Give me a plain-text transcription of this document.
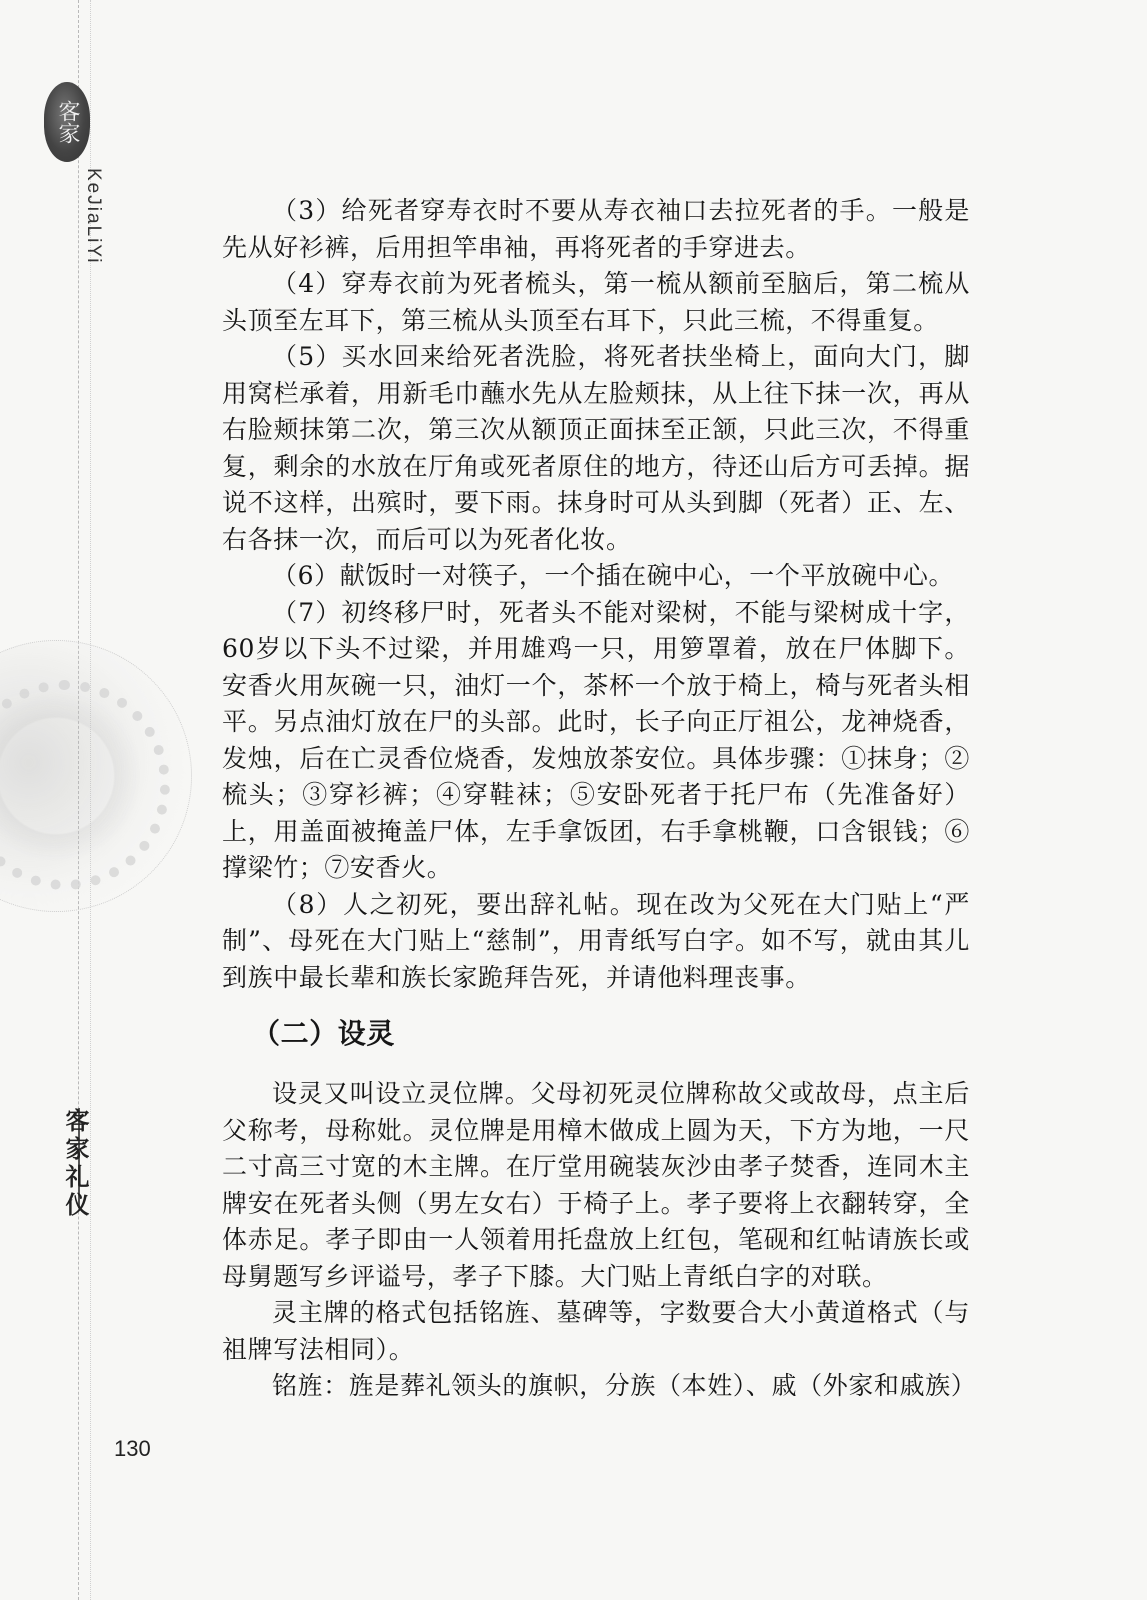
客家
KeJiaLiYi
客家礼仪
130

（3）给死者穿寿衣时不要从寿衣袖口去拉死者的手。一般是先从好衫裤，后用担竿串袖，再将死者的手穿进去。

（4）穿寿衣前为死者梳头，第一梳从额前至脑后，第二梳从头顶至左耳下，第三梳从头顶至右耳下，只此三梳，不得重复。

（5）买水回来给死者洗脸，将死者扶坐椅上，面向大门，脚用窝栏承着，用新毛巾蘸水先从左脸颊抹，从上往下抹一次，再从右脸颊抹第二次，第三次从额顶正面抹至正颔，只此三次，不得重复，剩余的水放在厅角或死者原住的地方，待还山后方可丢掉。据说不这样，出殡时，要下雨。抹身时可从头到脚（死者）正、左、右各抹一次，而后可以为死者化妆。

（6）献饭时一对筷子，一个插在碗中心，一个平放碗中心。

（7）初终移尸时，死者头不能对梁树，不能与梁树成十字，60岁以下头不过梁，并用雄鸡一只，用箩罩着，放在尸体脚下。安香火用灰碗一只，油灯一个，茶杯一个放于椅上，椅与死者头相平。另点油灯放在尸的头部。此时，长子向正厅祖公，龙神烧香，发烛，后在亡灵香位烧香，发烛放茶安位。具体步骤：①抹身；②梳头；③穿衫裤；④穿鞋袜；⑤安卧死者于托尸布（先准备好）上，用盖面被掩盖尸体，左手拿饭团，右手拿桃鞭，口含银钱；⑥撑梁竹；⑦安香火。

（8）人之初死，要出辞礼帖。现在改为父死在大门贴上“严制”、母死在大门贴上“慈制”，用青纸写白字。如不写，就由其儿到族中最长辈和族长家跪拜告死，并请他料理丧事。

（二）设灵

设灵又叫设立灵位牌。父母初死灵位牌称故父或故母，点主后父称考，母称妣。灵位牌是用樟木做成上圆为天，下方为地，一尺二寸高三寸宽的木主牌。在厅堂用碗装灰沙由孝子焚香，连同木主牌安在死者头侧（男左女右）于椅子上。孝子要将上衣翻转穿，全体赤足。孝子即由一人领着用托盘放上红包，笔砚和红帖请族长或母舅题写乡评谥号，孝子下膝。大门贴上青纸白字的对联。

灵主牌的格式包括铭旌、墓碑等，字数要合大小黄道格式（与祖牌写法相同）。

铭旌：旌是葬礼领头的旗帜，分族（本姓）、戚（外家和戚族）
